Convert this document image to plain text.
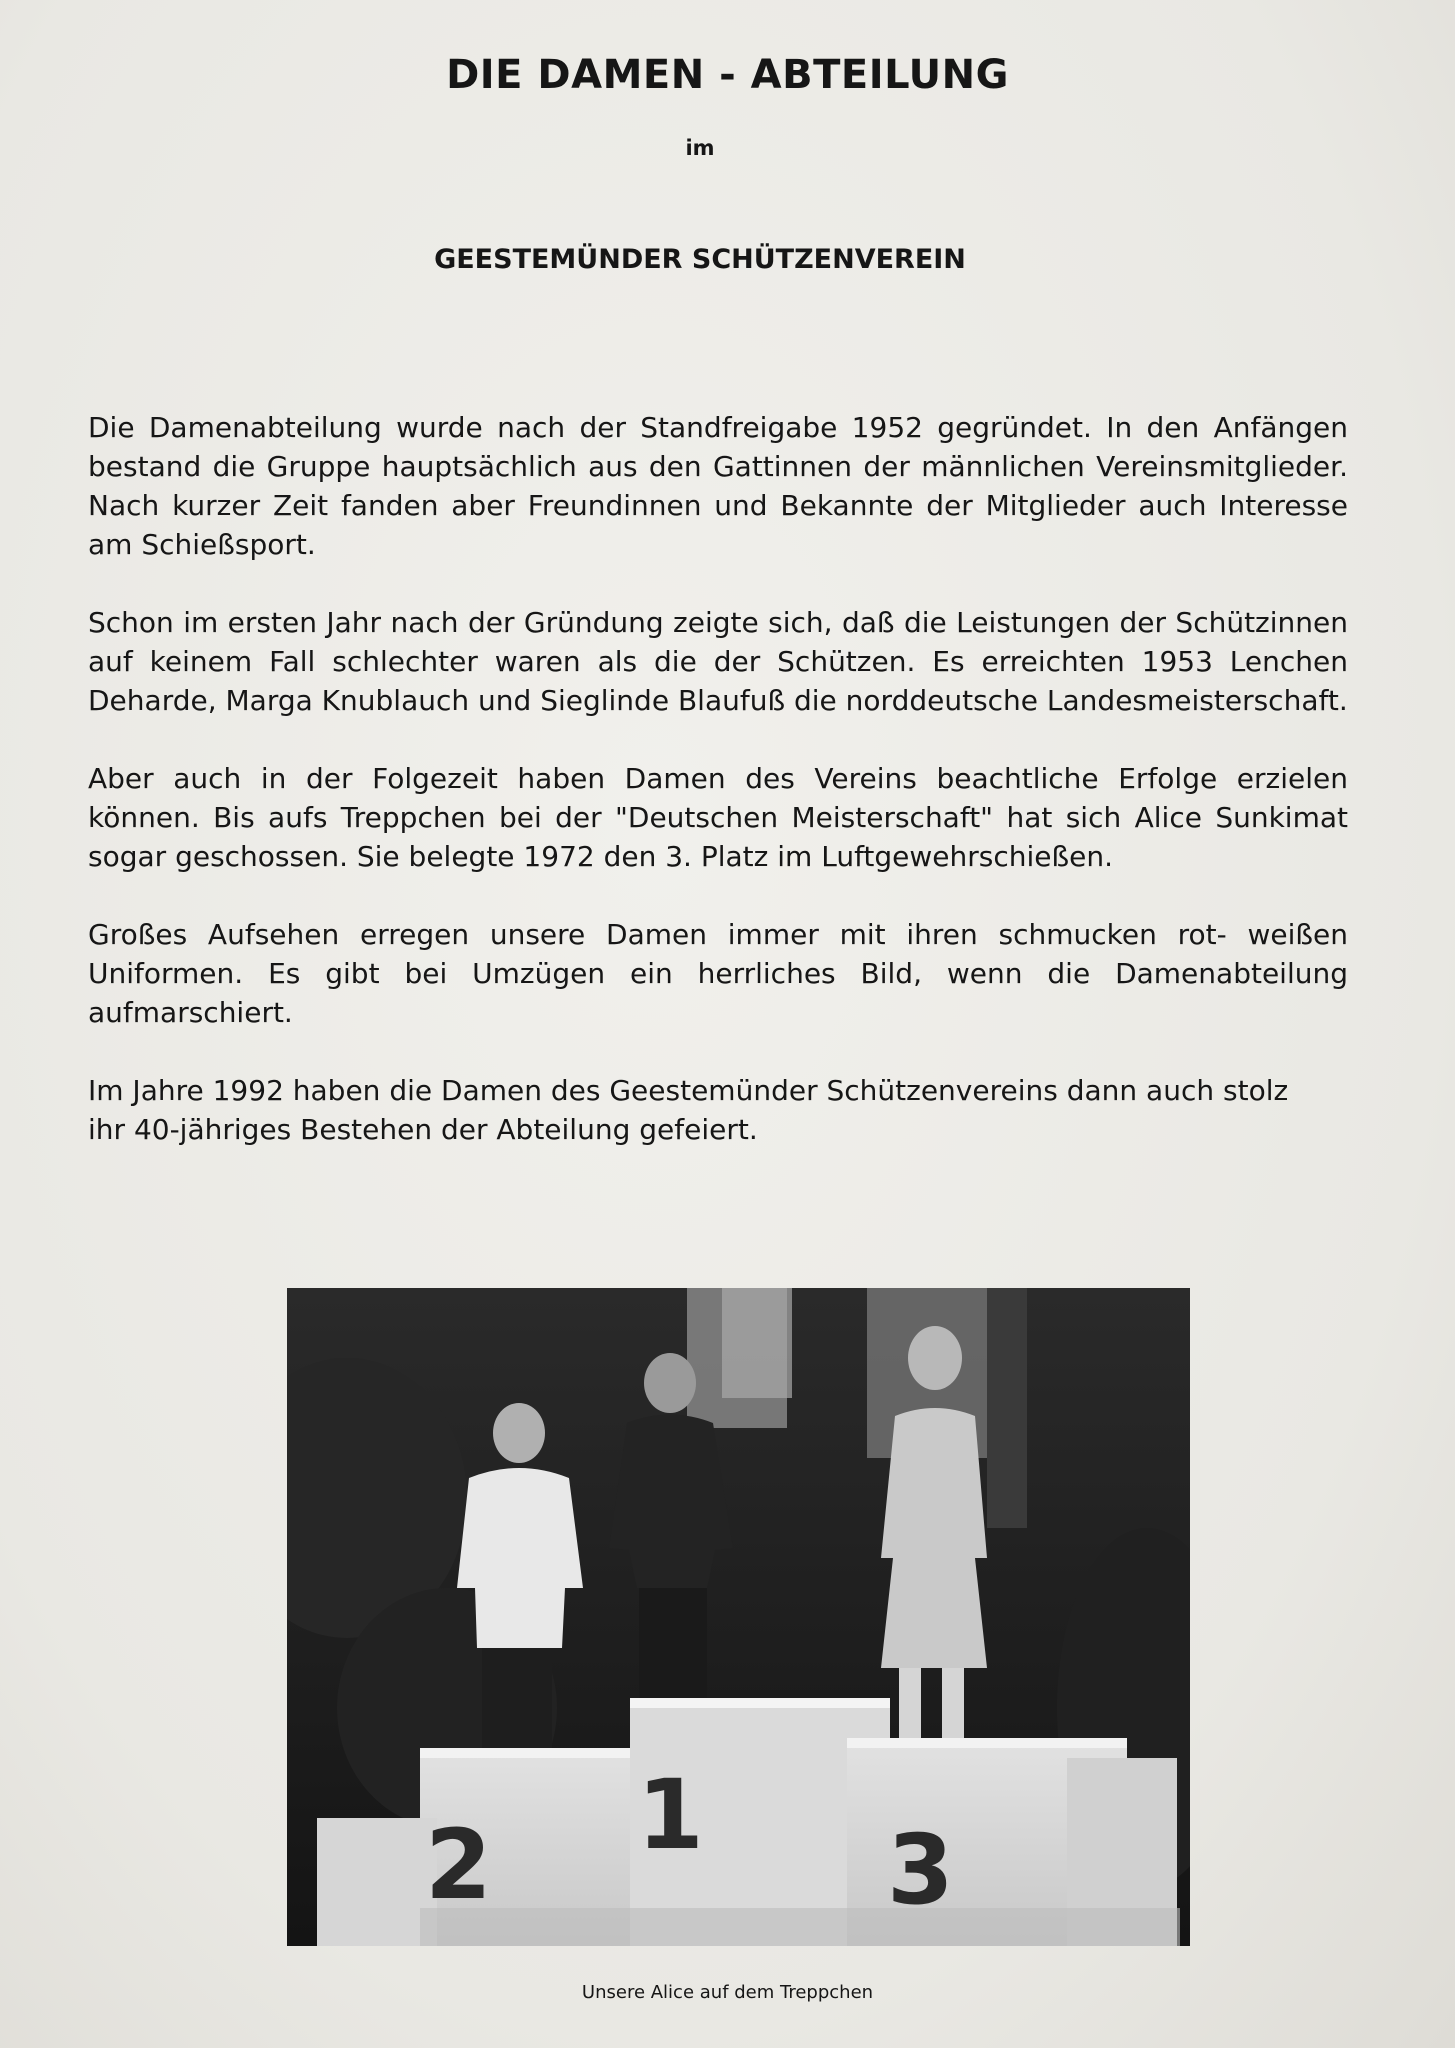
DIE DAMEN - ABTEILUNG
im
GEESTEMÜNDER SCHÜTZENVEREIN

Die Damenabteilung wurde nach der Standfreigabe 1952 gegründet. In den Anfängen bestand die Gruppe hauptsächlich aus den Gattinnen der männlichen Vereinsmitglieder. Nach kurzer Zeit fanden aber Freundinnen und Bekannte der Mitglieder auch Interesse am Schießsport.

Schon im ersten Jahr nach der Gründung zeigte sich, daß die Leistungen der Schützinnen auf keinem Fall schlechter waren als die der Schützen. Es erreichten 1953 Lenchen Deharde, Marga Knublauch und Sieglinde Blaufuß die norddeutsche Landesmeisterschaft.

Aber auch in der Folgezeit haben Damen des Vereins beachtliche Erfolge erzielen können. Bis aufs Treppchen bei der "Deutschen Meisterschaft" hat sich Alice Sunkimat sogar geschossen. Sie belegte 1972 den 3. Platz im Luftgewehrschießen.

Großes Aufsehen erregen unsere Damen immer mit ihren schmucken rot- weißen Uniformen. Es gibt bei Umzügen ein herrliches Bild, wenn die Damenabteilung aufmarschiert.

Im Jahre 1992 haben die Damen des Geestemünder Schützenvereins dann auch stolz ihr 40-jähriges Bestehen der Abteilung gefeiert.

2 1 3
Unsere Alice auf dem Treppchen
